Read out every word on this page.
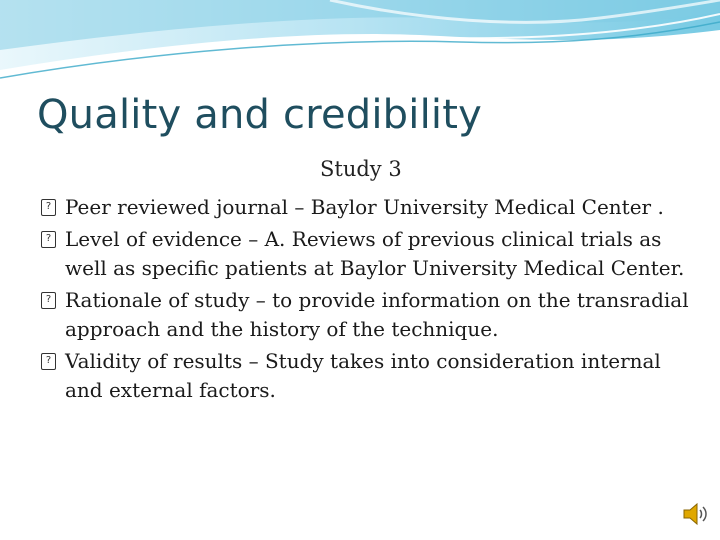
Quality and credibility
Study 3
? Peer reviewed journal – Baylor University Medical Center .
? Level of evidence – A. Reviews of previous clinical trials as well as specific patients at Baylor University Medical Center.
? Rationale of study – to provide information on the transradial approach and the history of the technique.
? Validity of results – Study takes into consideration internal and external factors.
